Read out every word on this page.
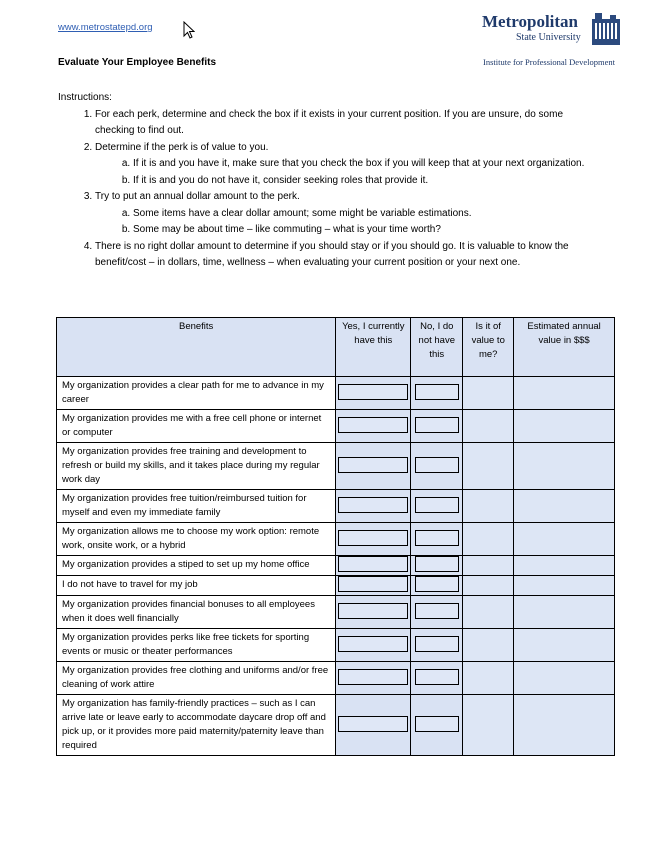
www.metrostatepd.org	Metropolitan
State University
Evaluate Your Employee Benefits	Institute for Professional Development
Instructions:
1. For each perk, determine and check the box if it exists in your current position. If you are unsure, do some checking to find out.
2. Determine if the perk is of value to you.
a. If it is and you have it, make sure that you check the box if you will keep that at your next organization.
b. If it is and you do not have it, consider seeking roles that provide it.
3. Try to put an annual dollar amount to the perk.
a. Some items have a clear dollar amount; some might be variable estimations.
b. Some may be about time – like commuting – what is your time worth?
4. There is no right dollar amount to determine if you should stay or if you should go. It is valuable to know the benefit/cost – in dollars, time, wellness – when evaluating your current position or your next one.
Benefits	Yes, I currently have this	No, I do not have this	Is it of value to me?	Estimated annual value in $$$
My organization provides a clear path for me to advance in my career				
My organization provides me with a free cell phone or internet or computer				
My organization provides free training and development to refresh or build my skills, and it takes place during my regular work day				
My organization provides free tuition/reimbursed tuition for myself and even my immediate family				
My organization allows me to choose my work option: remote work, onsite work, or a hybrid				
My organization provides a stiped to set up my home office				
I do not have to travel for my job				
My organization provides financial bonuses to all employees when it does well financially				
My organization provides perks like free tickets for sporting events or music or theater performances				
My organization provides free clothing and uniforms and/or free cleaning of work attire				
My organization has family-friendly practices – such as I can arrive late or leave early to accommodate daycare drop off and pick up, or it provides more paid maternity/paternity leave than required				
